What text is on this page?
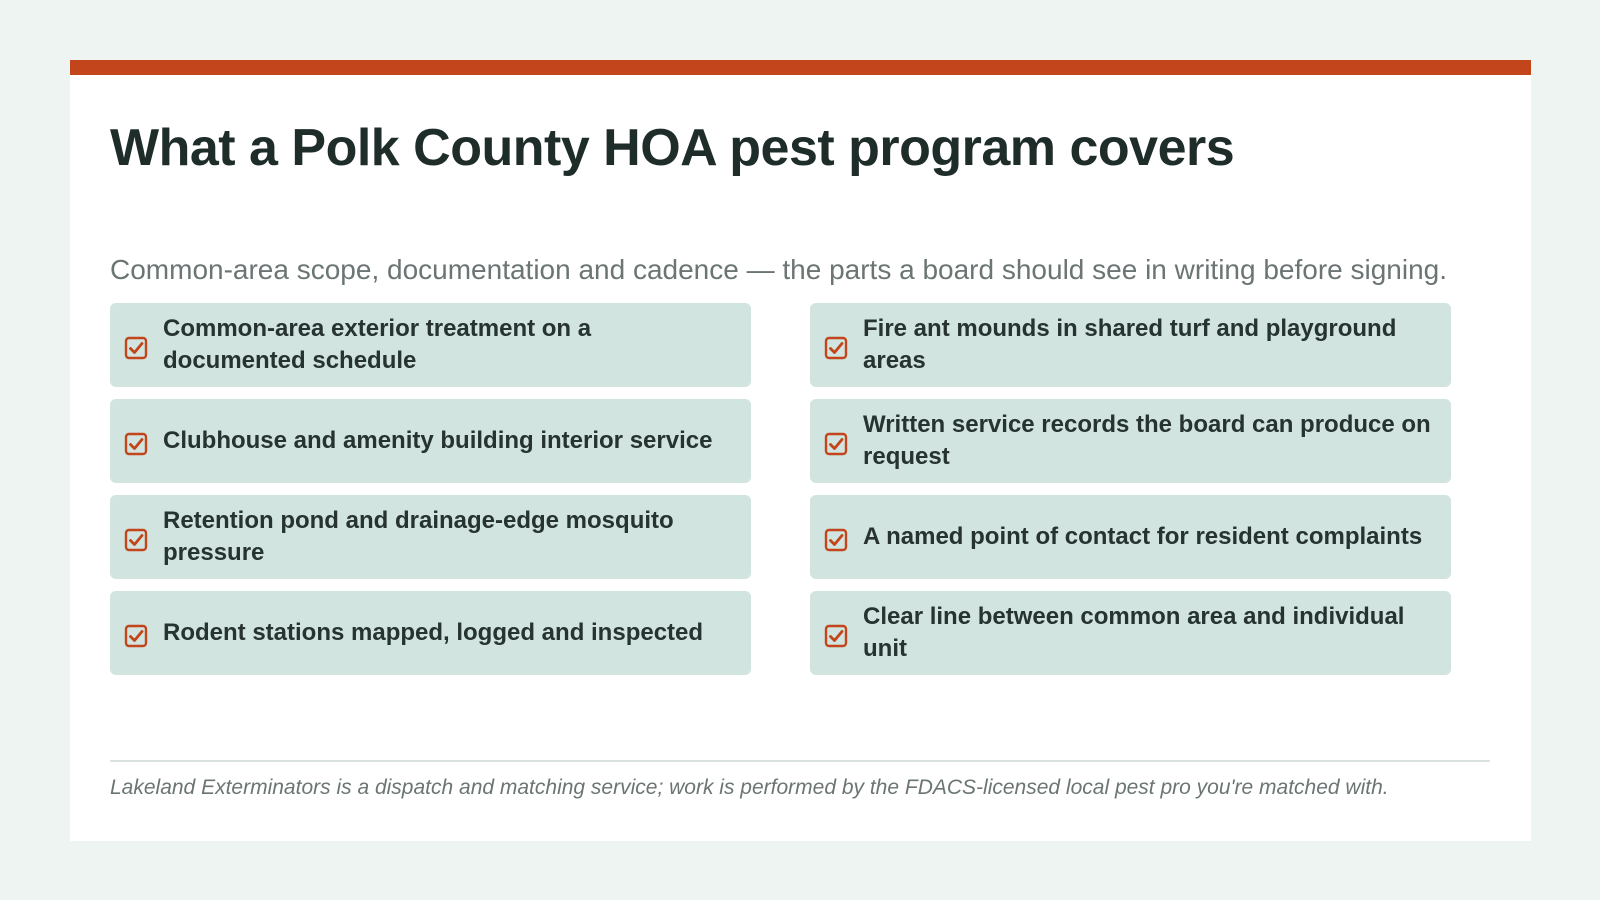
What a Polk County HOA pest program covers

Common-area scope, documentation and cadence — the parts a board should see in writing before signing.

Common-area exterior treatment on a documented schedule
Fire ant mounds in shared turf and playground areas
Clubhouse and amenity building interior service
Written service records the board can produce on request
Retention pond and drainage-edge mosquito pressure
A named point of contact for resident complaints
Rodent stations mapped, logged and inspected
Clear line between common area and individual unit

Lakeland Exterminators is a dispatch and matching service; work is performed by the FDACS-licensed local pest pro you're matched with.
